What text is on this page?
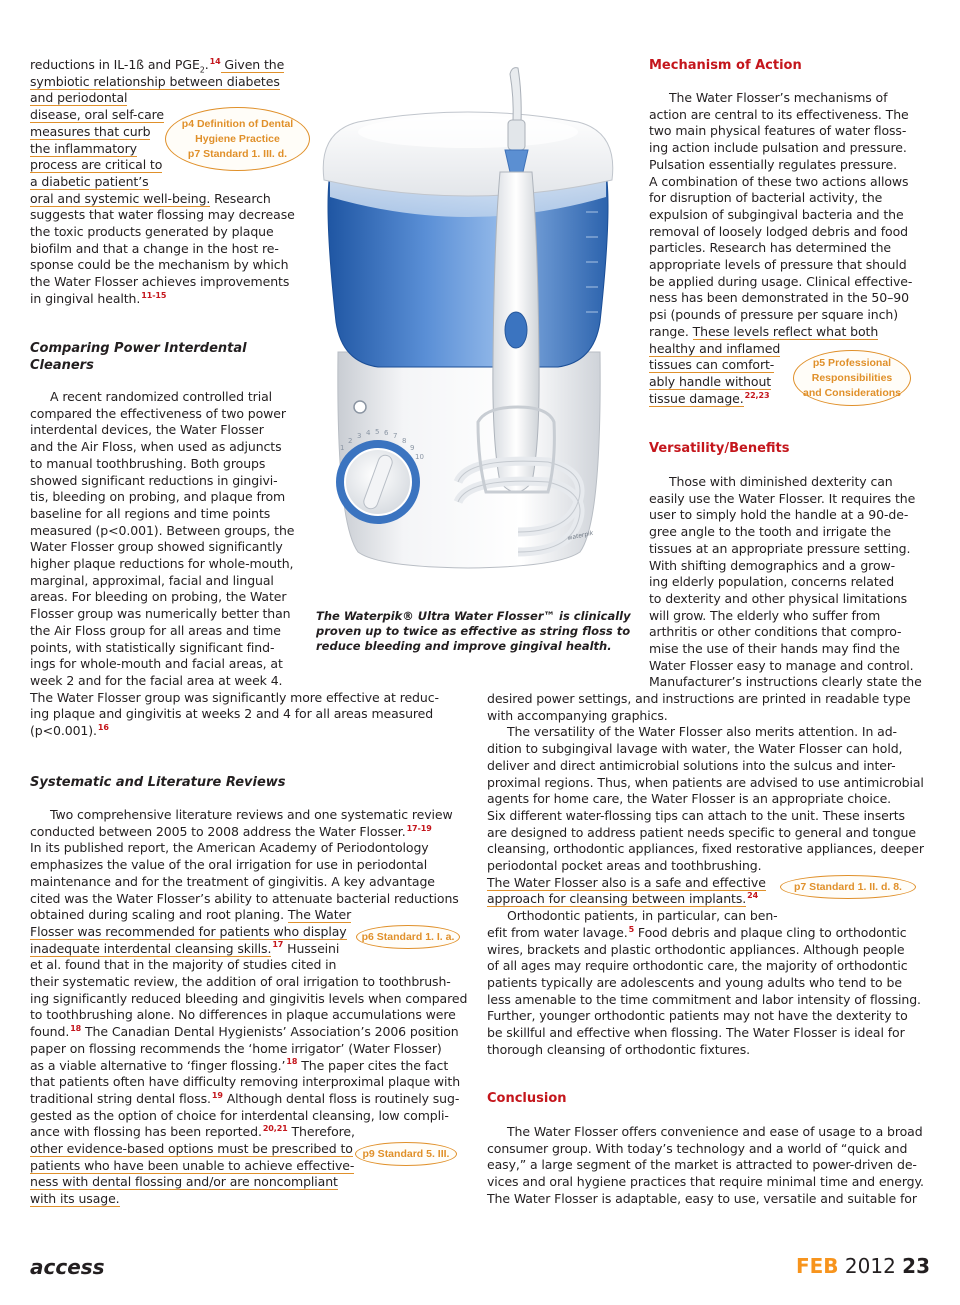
reductions in IL-1ß and $PGE_2.^{14}$ Given the
symbiotic relationship between diabetes
and periodontal
disease, oral self-care
measures that curb
the inflammatory
process are critical to
a diabetic patient’s
oral and systemic well-being. Research
suggests that water flossing may decrease
the toxic products generated by plaque
biofilm and that a change in the host re-
sponse could be the mechanism by which
the Water Flosser achieves improvements
in gingival health.$^{11-15}$
p4 Definition of Dental
Hygiene Practice
p7 Standard 1. III. d.
Comparing Power Interdental
Cleaners
A recent randomized controlled trial
compared the effectiveness of two power
interdental devices, the Water Flosser
and the Air Floss, when used as adjuncts
to manual toothbrushing. Both groups
showed significant reductions in gingivi-
tis, bleeding on probing, and plaque from
baseline for all regions and time points
measured (p<0.001). Between groups, the
Water Flosser group showed significantly
higher plaque reductions for whole-mouth,
marginal, approximal, facial and lingual
areas. For bleeding on probing, the Water
Flosser group was numerically better than
the Air Floss group for all areas and time
points, with statistically significant find-
ings for whole-mouth and facial areas, at
week 2 and for the facial area at week 4.
The Water Flosser group was significantly more effective at reduc-
ing plaque and gingivitis at weeks 2 and 4 for all areas measured
(p<0.001).$^{16}$
Systematic and Literature Reviews
Two comprehensive literature reviews and one systematic review
conducted between 2005 to 2008 address the Water Flosser.$^{17-19}$
In its published report, the American Academy of Periodontology
emphasizes the value of the oral irrigation for use in periodontal
maintenance and for the treatment of gingivitis. A key advantage
cited was the Water Flosser’s ability to attenuate bacterial reductions
obtained during scaling and root planing. The Water
Flosser was recommended for patients who display
inadequate interdental cleansing skills.$^{17}$ Husseini
et al. found that in the majority of studies cited in
their systematic review, the addition of oral irrigation to toothbrush-
ing significantly reduced bleeding and gingivitis levels when compared
to toothbrushing alone. No differences in plaque accumulations were
found.$^{18}$ The Canadian Dental Hygienists’ Association’s 2006 position
paper on flossing recommends the ‘home irrigator’ (Water Flosser)
as a viable alternative to ‘finger flossing.’$^{18}$ The paper cites the fact
that patients often have difficulty removing interproximal plaque with
traditional string dental floss.$^{19}$ Although dental floss is routinely sug-
gested as the option of choice for interdental cleansing, low compli-
ance with flossing has been reported.$^{20,21}$ Therefore,
other evidence-based options must be prescribed to
patients who have been unable to achieve effective-
ness with dental flossing and/or are noncompliant
with its usage.
p6 Standard 1. I. a.
p9 Standard 5. III.
1
2
3 4 5 6 7
8
9
10
waterpik
The Waterpik® Ultra Water Flosser™ is clinically
proven up to twice as effective as string floss to
reduce bleeding and improve gingival health.
Mechanism of Action
The Water Flosser’s mechanisms of
action are central to its effectiveness. The
two main physical features of water floss-
ing action include pulsation and pressure.
Pulsation essentially regulates pressure.
A combination of these two actions allows
for disruption of bacterial activity, the
expulsion of subgingival bacteria and the
removal of loosely lodged debris and food
particles. Research has determined the
appropriate levels of pressure that should
be applied during usage. Clinical effective-
ness has been demonstrated in the 50–90
psi (pounds of pressure per square inch)
range. These levels reflect what both
healthy and inflamed
tissues can comfort-
ably handle without
tissue damage.$^{22,23}$
p5 Professional
Responsibilities
and Considerations
Versatility/Benefits
Those with diminished dexterity can
easily use the Water Flosser. It requires the
user to simply hold the handle at a 90-de-
gree angle to the tooth and irrigate the
tissues at an appropriate pressure setting.
With shifting demographics and a grow-
ing elderly population, concerns related
to dexterity and other physical limitations
will grow. The elderly who suffer from
arthritis or other conditions that compro-
mise the use of their hands may find the
Water Flosser easy to manage and control.
Manufacturer’s instructions clearly state the
desired power settings, and instructions are printed in readable type
with accompanying graphics.
The versatility of the Water Flosser also merits attention. In ad-
dition to subgingival lavage with water, the Water Flosser can hold,
deliver and direct antimicrobial solutions into the sulcus and inter-
proximal regions. Thus, when patients are advised to use antimicrobial
agents for home care, the Water Flosser is an appropriate choice.
Six different water-flossing tips can attach to the unit. These inserts
are designed to address patient needs specific to general and tongue
cleansing, orthodontic appliances, fixed restorative appliances, deeper
periodontal pocket areas and toothbrushing.
The Water Flosser also is a safe and effective
approach for cleansing between implants.$^{24}$
Orthodontic patients, in particular, can ben-
efit from water lavage.$^5$ Food debris and plaque cling to orthodontic
wires, brackets and plastic orthodontic appliances. Although people
of all ages may require orthodontic care, the majority of orthodontic
patients typically are adolescents and young adults who tend to be
less amenable to the time commitment and labor intensity of flossing.
Further, younger orthodontic patients may not have the dexterity to
be skillful and effective when flossing. The Water Flosser is ideal for
thorough cleansing of orthodontic fixtures.
p7 Standard 1. II. d. 8.
Conclusion
The Water Flosser offers convenience and ease of usage to a broad
consumer group. With today’s technology and a world of “quick and
easy,” a large segment of the market is attracted to power-driven de-
vices and oral hygiene practices that require minimal time and energy.
The Water Flosser is adaptable, easy to use, versatile and suitable for
access	FEB 2012 23
